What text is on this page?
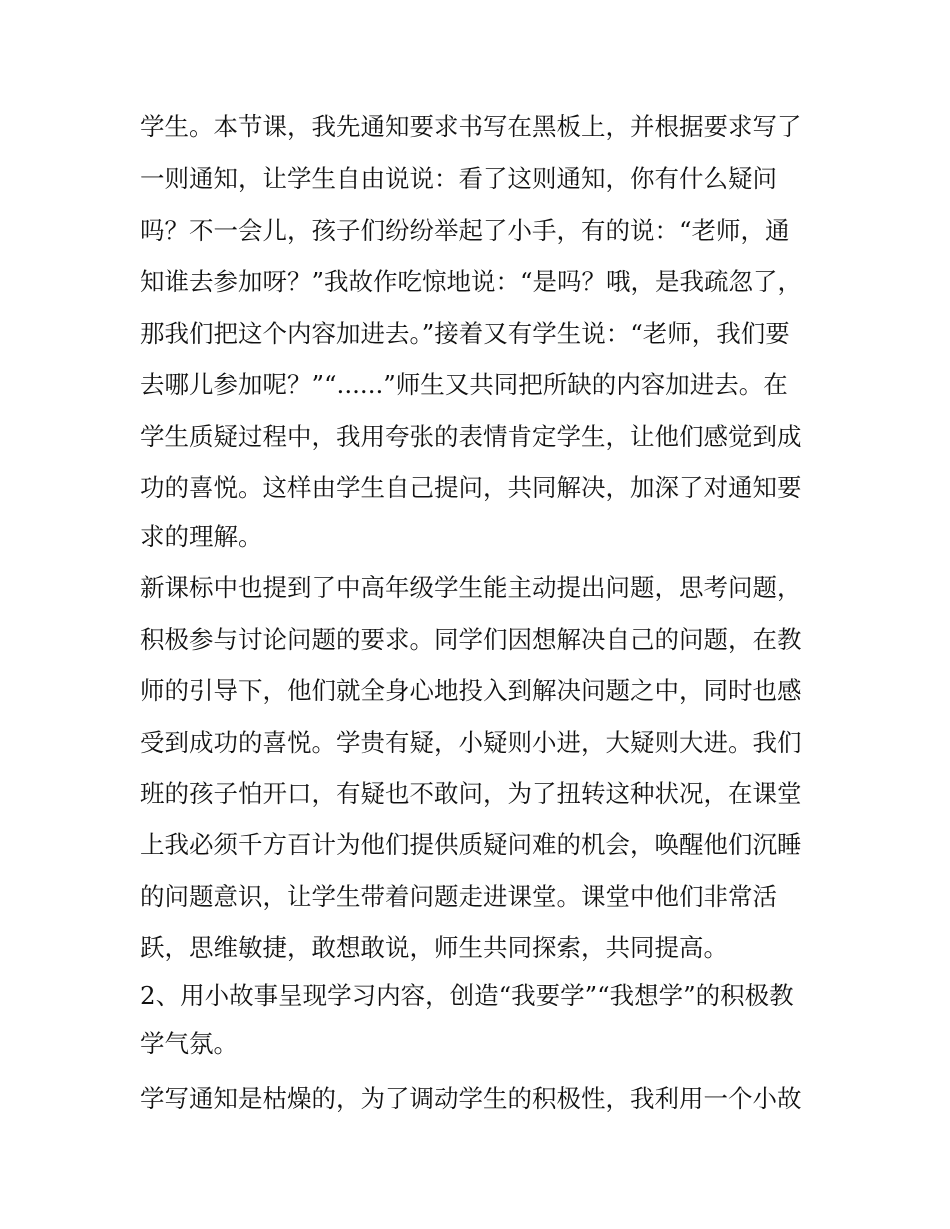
学生。本节课，我先通知要求书写在黑板上，并根据要求写了

一则通知，让学生自由说说：看了这则通知，你有什么疑问

吗？不一会儿，孩子们纷纷举起了小手，有的说：“老师，通

知谁去参加呀？”我故作吃惊地说：“是吗？哦，是我疏忽了，

那我们把这个内容加进去。”接着又有学生说：“老师，我们要

去哪儿参加呢？”“......”师生又共同把所缺的内容加进去。在

学生质疑过程中，我用夸张的表情肯定学生，让他们感觉到成

功的喜悦。这样由学生自己提问，共同解决，加深了对通知要

求的理解。

新课标中也提到了中高年级学生能主动提出问题，思考问题，

积极参与讨论问题的要求。同学们因想解决自己的问题，在教

师的引导下，他们就全身心地投入到解决问题之中，同时也感

受到成功的喜悦。学贵有疑，小疑则小进，大疑则大进。我们

班的孩子怕开口，有疑也不敢问，为了扭转这种状况，在课堂

上我必须千方百计为他们提供质疑问难的机会，唤醒他们沉睡

的问题意识，让学生带着问题走进课堂。课堂中他们非常活

跃，思维敏捷，敢想敢说，师生共同探索，共同提高。

2、用小故事呈现学习内容，创造“我要学”“我想学”的积极教

学气氛。

学写通知是枯燥的，为了调动学生的积极性，我利用一个小故
